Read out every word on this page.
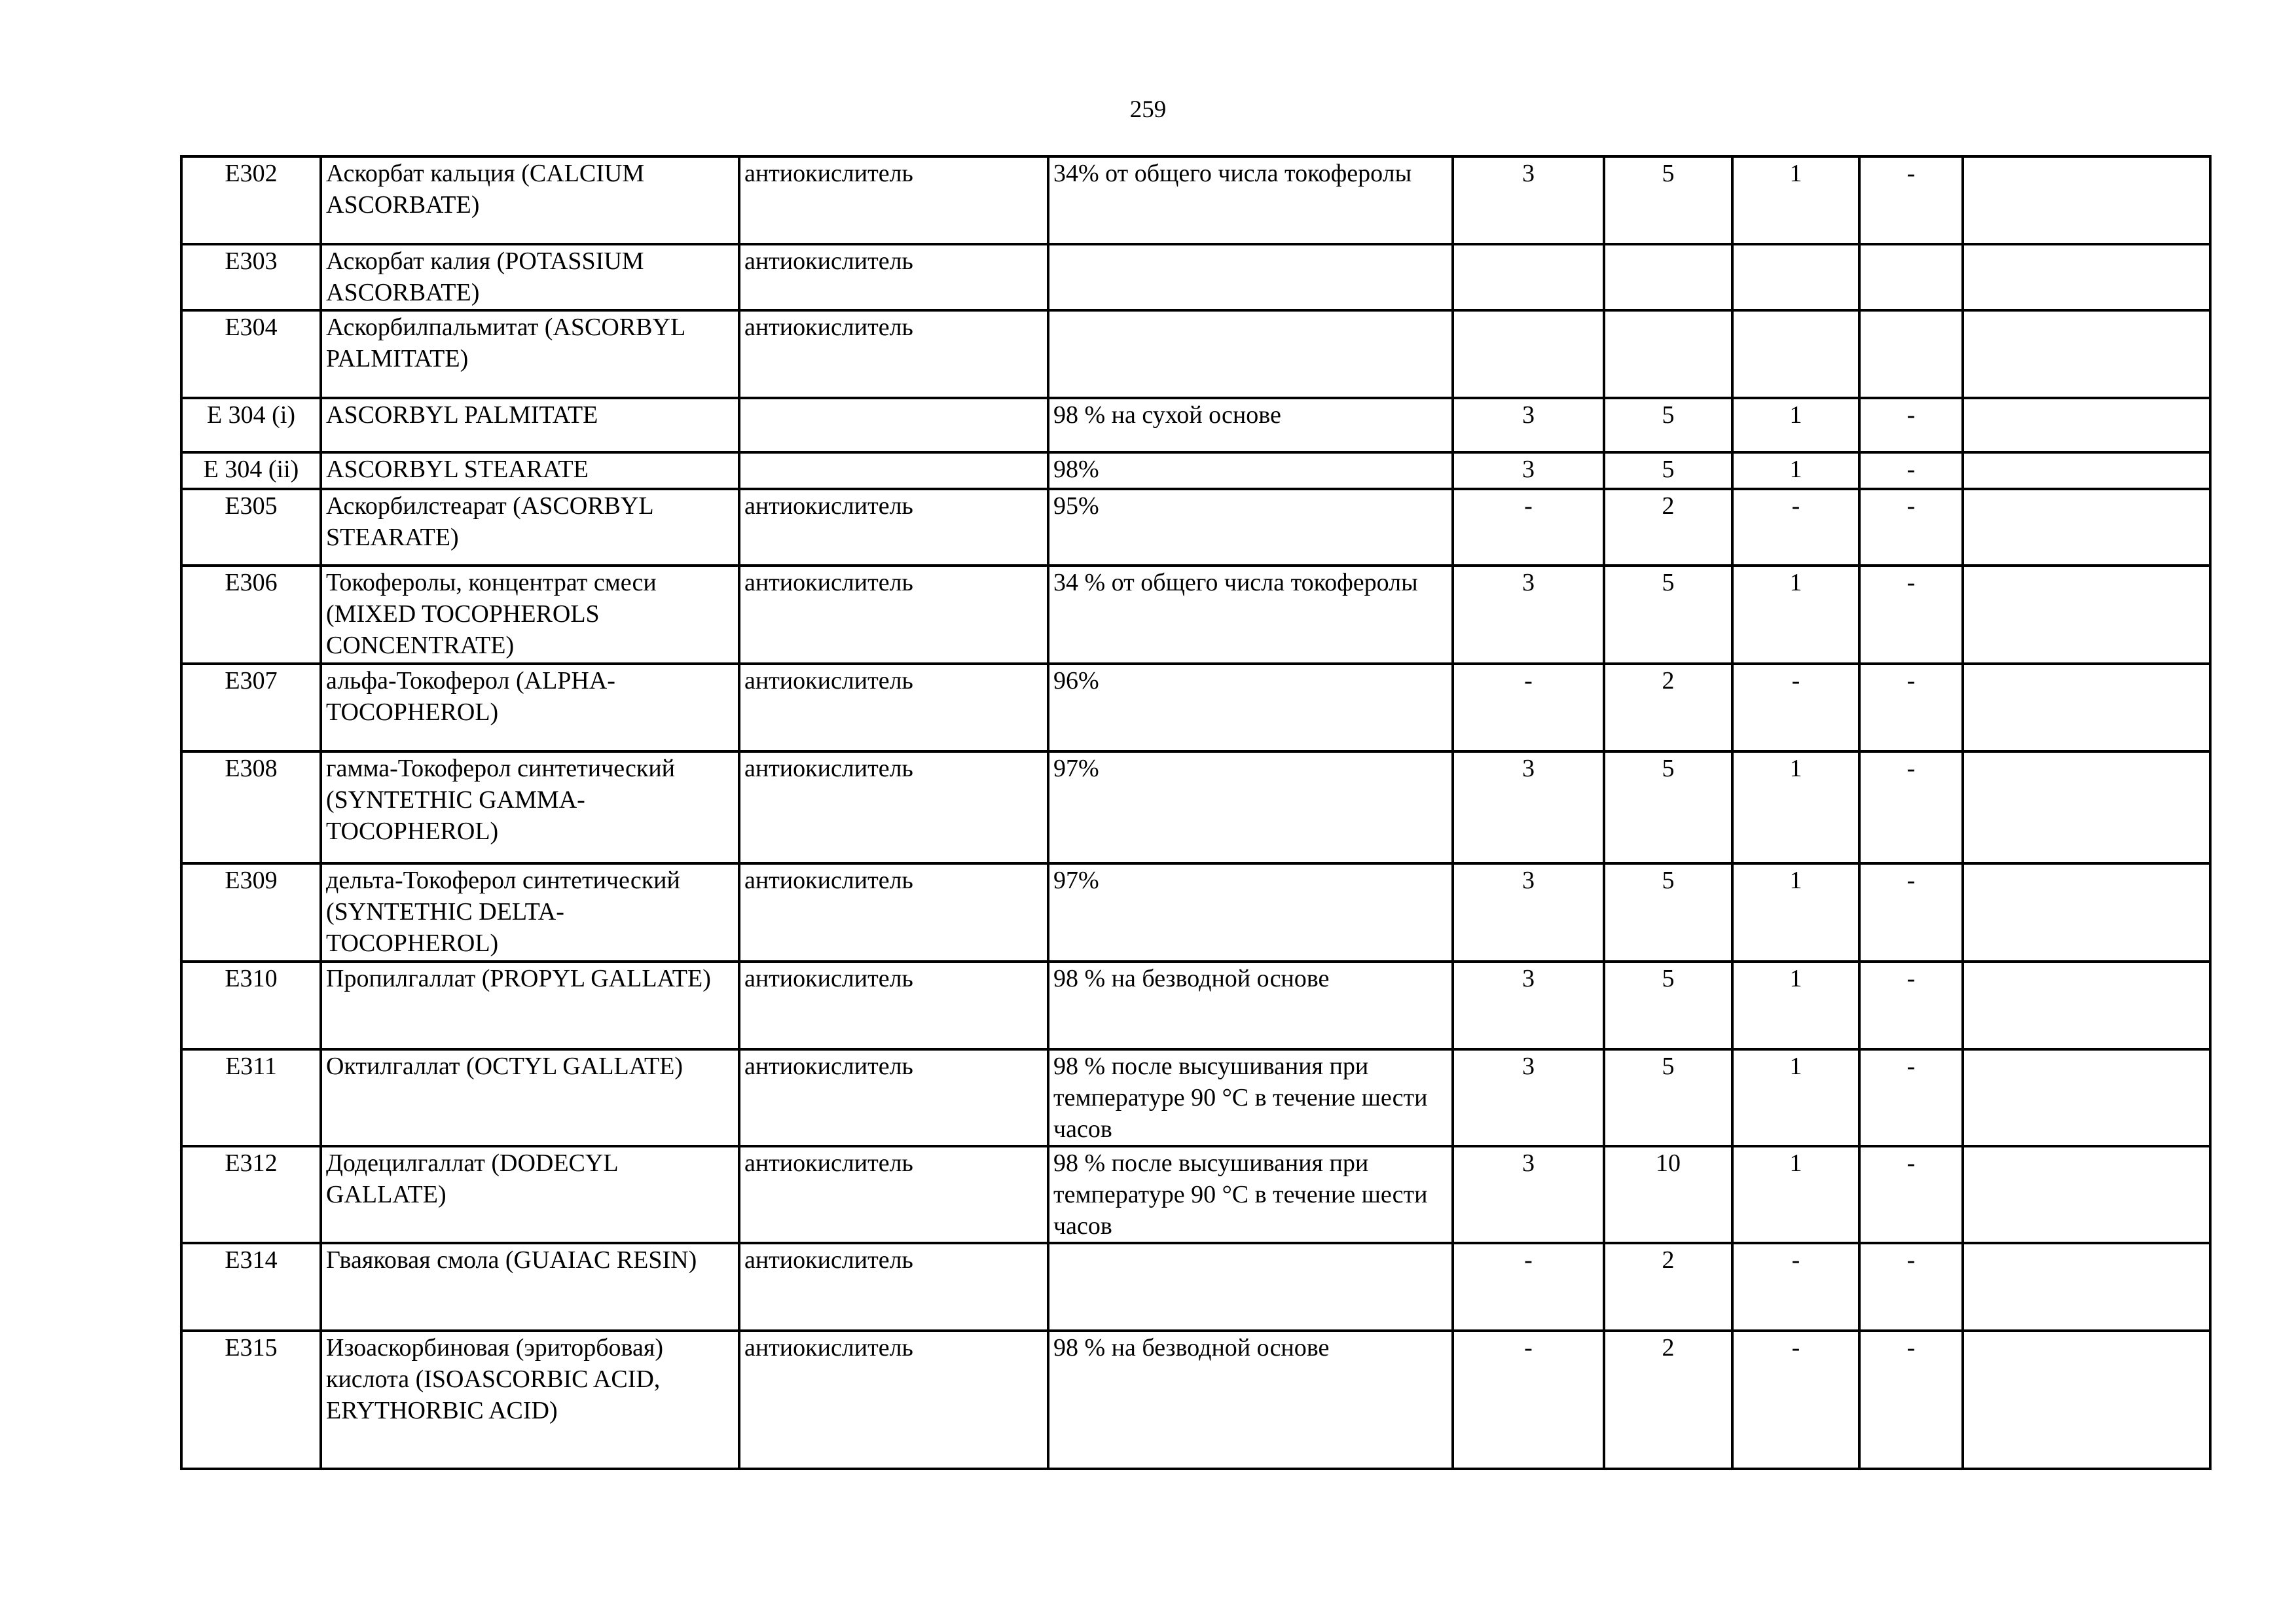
259
E302	Аскорбат кальция (CALCIUM ASCORBATE)	антиокислитель	34% от общего числа токоферолы	3	5	1	-	
E303	Аскорбат калия (POTASSIUM ASCORBATE)	антиокислитель						
E304	Аскорбилпальмитат (ASCORBYL PALMITATE)	антиокислитель						
E 304 (i)	ASCORBYL PALMITATE		98 % на сухой основе	3	5	1	-	
E 304 (ii)	ASCORBYL STEARATE		98%	3	5	1	-	
E305	Аскорбилстеарат (ASCORBYL STEARATE)	антиокислитель	95%	-	2	-	-	
E306	Токоферолы, концентрат смеси (MIXED TOCOPHEROLS CONCENTRATE)	антиокислитель	34 % от общего числа токоферолы	3	5	1	-	
E307	альфа-Токоферол (ALPHA-TOCOPHEROL)	антиокислитель	96%	-	2	-	-	
E308	гамма-Токоферол синтетический (SYNTETHIC GAMMA-TOCOPHEROL)	антиокислитель	97%	3	5	1	-	
E309	дельта-Токоферол синтетический (SYNTETHIC DELTA-TOCOPHEROL)	антиокислитель	97%	3	5	1	-	
E310	Пропилгаллат (PROPYL GALLATE)	антиокислитель	98 % на безводной основе	3	5	1	-	
E311	Октилгаллат (OCTYL GALLATE)	антиокислитель	98 % после высушивания при температуре 90 °С в течение шести часов	3	5	1	-	
E312	Додецилгаллат (DODECYL GALLATE)	антиокислитель	98 % после высушивания при температуре 90 °С в течение шести часов	3	10	1	-	
E314	Гваяковая смола (GUAIAC RESIN)	антиокислитель		-	2	-	-	
E315	Изоаскорбиновая (эриторбовая) кислота (ISOASCORBIC ACID, ERYTHORBIC ACID)	антиокислитель	98 % на безводной основе	-	2	-	-	
